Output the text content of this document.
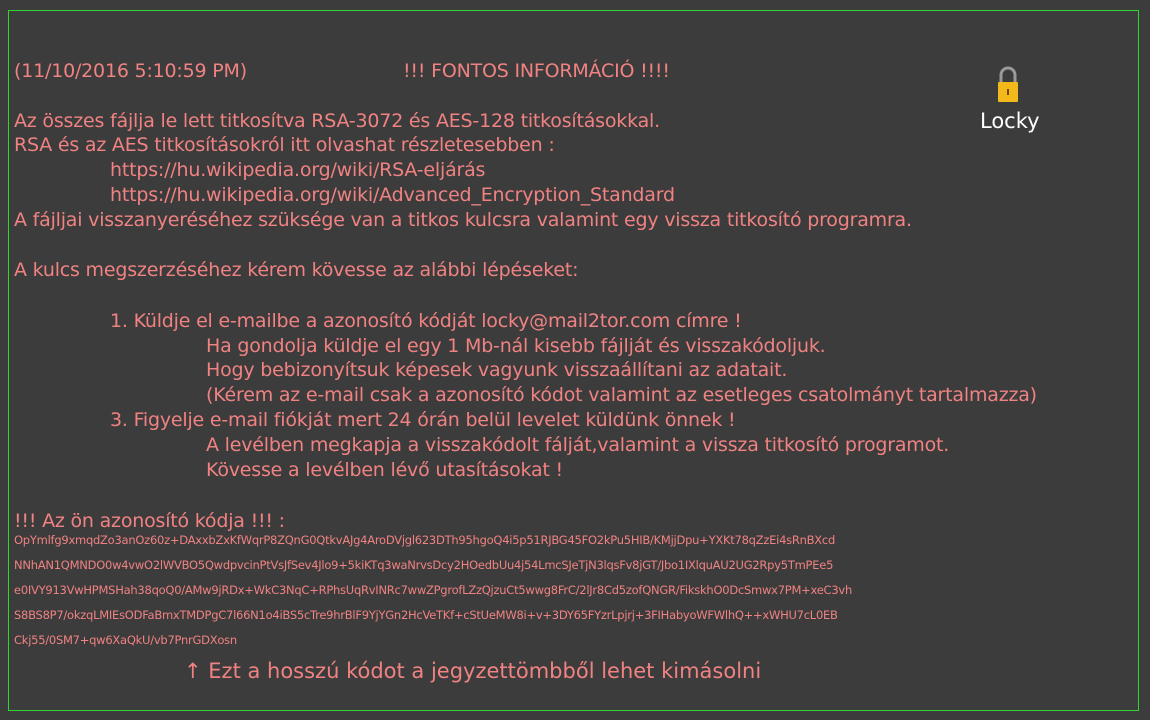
(11/10/2016 5:10:59 PM)	!!! FONTOS INFORMÁCIÓ !!!!
Locky
Az összes fájlja le lett titkosítva RSA-3072 és AES-128 titkosításokkal.
RSA és az AES titkosításokról itt olvashat részletesebben :
https://hu.wikipedia.org/wiki/RSA-eljárás
https://hu.wikipedia.org/wiki/Advanced_Encryption_Standard
A fájljai visszanyeréséhez szüksége van a titkos kulcsra valamint egy vissza titkosító programra.
A kulcs megszerzéséhez kérem kövesse az alábbi lépéseket:
1. Küldje el e-mailbe a azonosító kódját locky@mail2tor.com címre !
Ha gondolja küldje el egy 1 Mb-nál kisebb fájlját és visszakódoljuk.
Hogy bebizonyítsuk képesek vagyunk visszaállítani az adatait.
(Kérem az e-mail csak a azonosító kódot valamint az esetleges csatolmányt tartalmazza)
3. Figyelje e-mail fiókját mert 24 órán belül levelet küldünk önnek !
A levélben megkapja a visszakódolt fálját,valamint a vissza titkosító programot.
Kövesse a levélben lévő utasításokat !
!!! Az ön azonosító kódja !!! :
OpYmlfg9xmqdZo3anOz60z+DAxxbZxKfWqrP8ZQnG0QtkvAJg4AroDVjgl623DTh95hgoQ4i5p51RJBG45FO2kPu5HIB/KMjjDpu+YXKt78qZzEi4sRnBXcd
NNhAN1QMNDO0w4vwO2lWVBO5QwdpvcinPtVsJfSev4Jlo9+5kiKTq3waNrvsDcy2HOedbUu4j54LmcSJeTjN3lqsFv8jGT/Jbo1IXlquAU2UG2Rpy5TmPEe5
e0IVY913VwHPMSHah38qoQ0/AMw9jRDx+WkC3NqC+RPhsUqRvINRc7wwZPgrofLZzQjzuCt5wwg8FrC/2lJr8Cd5zofQNGR/FikskhO0DcSmwx7PM+xeC3vh
S8BS8P7/okzqLMIEsODFaBmxTMDPgC7l66N1o4iBS5cTre9hrBlF9YjYGn2HcVeTKf+cStUeMW8i+v+3DY65FYzrLpjrj+3FIHabyoWFWlhQ++xWHU7cL0EB
Ckj55/0SM7+qw6XaQkU/vb7PnrGDXosn
↑ Ezt a hosszú kódot a jegyzettömbből lehet kimásolni
